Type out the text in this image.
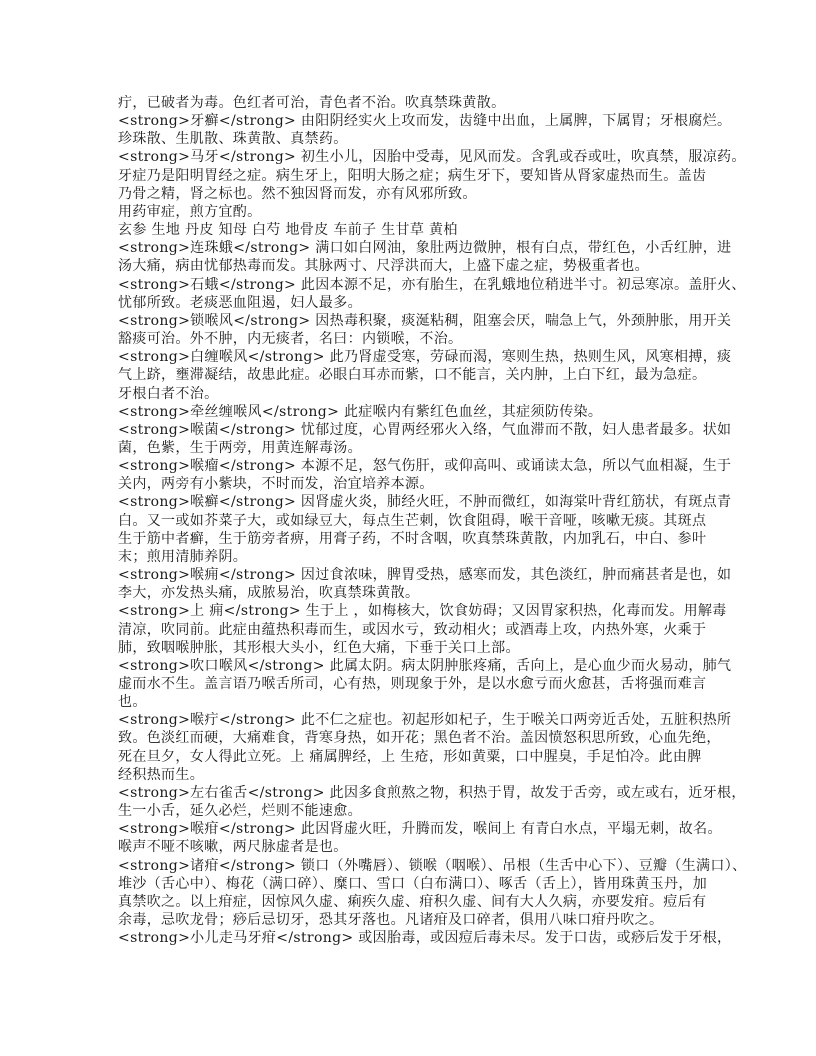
疔，已破者为毒。色红者可治，青色者不治。吹真禁珠黄散。
<strong>牙癣</strong> 由阳阴经实火上攻而发，齿缝中出血，上属脾，下属胃；牙根腐烂。
珍珠散、生肌散、珠黄散、真禁药。
<strong>马牙</strong> 初生小儿，因胎中受毒，见风而发。含乳或吞或吐，吹真禁，服凉药。
牙症乃是阳明胃经之症。病生牙上，阳明大肠之症；病生牙下，要知皆从肾家虚热而生。盖齿
乃骨之精，肾之标也。然不独因肾而发，亦有风邪所致。
用药审症，煎方宜酌。
玄参 生地 丹皮 知母 白芍 地骨皮 车前子 生甘草 黄柏
<strong>连珠蛾</strong> 满口如白网油，象肚两边微肿，根有白点，带红色，小舌红肿，进
汤大痛，病由忧郁热毒而发。其脉两寸、尺浮洪而大，上盛下虚之症，势极重者也。
<strong>石蛾</strong> 此因本源不足，亦有胎生，在乳蛾地位稍进半寸。初忌寒凉。盖肝火、
忧郁所致。老痰恶血阻遏，妇人最多。
<strong>锁喉风</strong> 因热毒积聚，痰涎粘稠，阻塞会厌，喘急上气，外颈肿胀，用开关
豁痰可治。外不肿，内无痰者，名曰：内锁喉，不治。
<strong>白缠喉风</strong> 此乃肾虚受寒，劳碌而渴，寒则生热，热则生风，风寒相搏，痰
气上跻，壅滞凝结，故患此症。必眼白耳赤而紫，口不能言，关内肿，上白下红，最为急症。
牙根白者不治。
<strong>牵丝缠喉风</strong> 此症喉内有紫红色血丝，其症须防传染。
<strong>喉菌</strong> 忧郁过度，心胃两经邪火入络，气血滞而不散，妇人患者最多。状如
菌，色紫，生于两旁，用黄连解毒汤。
<strong>喉瘤</strong> 本源不足，怒气伤肝，或仰高叫、或诵读太急，所以气血相凝，生于
关内，两旁有小紫块，不时而发，治宜培养本源。
<strong>喉癣</strong> 因肾虚火炎，肺经火旺，不肿而微红，如海棠叶背红筋状，有斑点青
白。又一或如芥菜子大，或如绿豆大，每点生芒刺，饮食阻碍，喉干音哑，咳嗽无痰。其斑点
生于筋中者癣，生于筋旁者痹，用膏子药，不时含咽，吹真禁珠黄散，内加乳石，中白、参叶
末；煎用清肺养阴。
<strong>喉痈</strong> 因过食浓味，脾胃受热，感寒而发，其色淡红，肿而痛甚者是也，如
李大，亦发热头痛，成脓易治，吹真禁珠黄散。
<strong>上 痈</strong> 生于上 ，如梅核大，饮食妨碍；又因胃家积热，化毒而发。用解毒
清凉，吹同前。此症由蕴热积毒而生，或因水亏，致动相火；或酒毒上攻，内热外寒，火乘于
肺，致咽喉肿胀，其形根大头小，红色大痛，下垂于关口上部。
<strong>吹口喉风</strong> 此属太阴。病太阴肿胀疼痛，舌向上，是心血少而火易动，肺气
虚而水不生。盖言语乃喉舌所司，心有热，则现象于外，是以水愈亏而火愈甚，舌将强而难言
也。
<strong>喉疔</strong> 此不仁之症也。初起形如杞子，生于喉关口两旁近舌处，五脏积热所
致。色淡红而硬，大痛难食，背寒身热，如开花；黑色者不治。盖因愤怒积思所致，心血先绝，
死在旦夕，女人得此立死。上 痛属脾经，上 生疮，形如黄粟，口中腥臭，手足怕冷。此由脾
经积热而生。
<strong>左右雀舌</strong> 此因多食煎熬之物，积热于胃，故发于舌旁，或左或右，近牙根，
生一小舌，延久必烂，烂则不能速愈。
<strong>喉疳</strong> 此因肾虚火旺，升腾而发，喉间上 有青白水点，平塌无刺，故名。
喉声不哑不咳嗽，两尺脉虚者是也。
<strong>诸疳</strong> 锁口（外嘴唇）、锁喉（咽喉）、吊根（生舌中心下）、豆瓣（生满口）、
堆沙（舌心中）、梅花（满口碎）、糜口、雪口（白布满口）、啄舌（舌上），皆用珠黄玉丹，加
真禁吹之。以上疳症，因惊风久虚、痢疾久虚、疳积久虚、间有大人久病，亦要发疳。痘后有
余毒，忌吹龙骨；痧后忌切牙，恐其牙落也。凡诸疳及口碎者，俱用八味口疳丹吹之。
<strong>小儿走马牙疳</strong> 或因胎毒，或因痘后毒未尽。发于口齿，或痧后发于牙根，
